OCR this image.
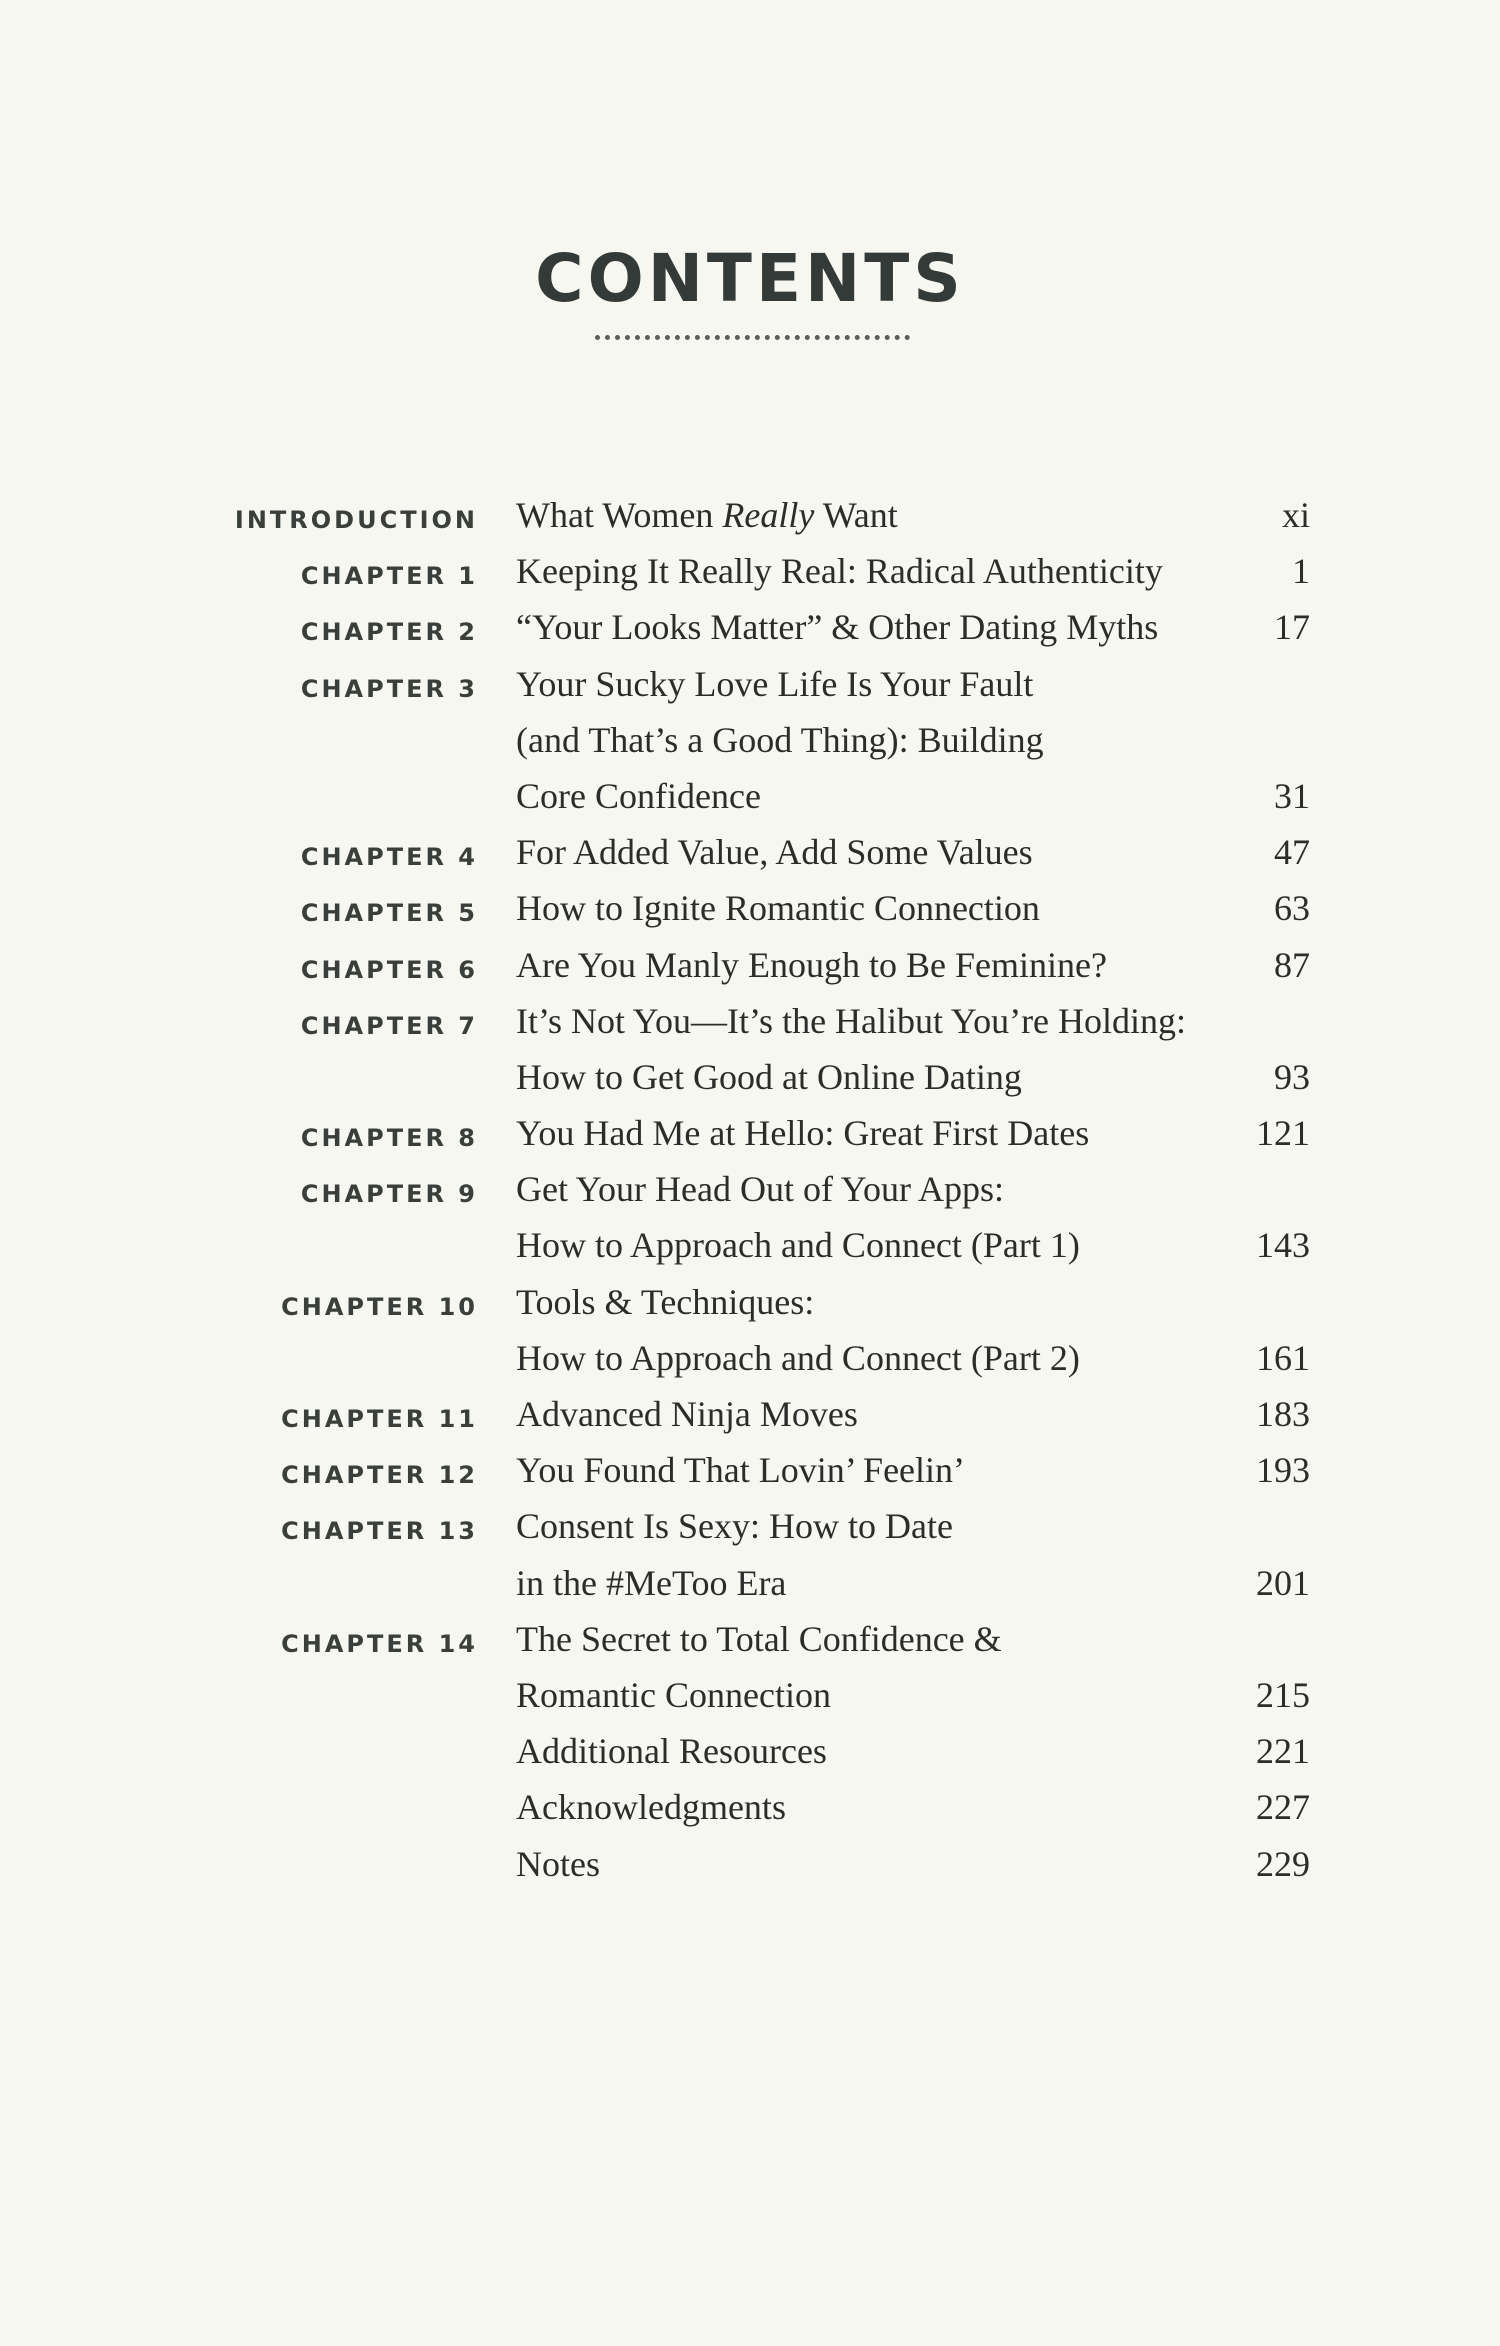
CONTENTS
INTRODUCTION What Women Really Want	xi
CHAPTER 1 Keeping It Really Real: Radical Authenticity	1
CHAPTER 2 “Your Looks Matter” & Other Dating Myths	17
CHAPTER 3 Your Sucky Love Life Is Your Fault
(and That’s a Good Thing): Building
Core Confidence	31
CHAPTER 4 For Added Value, Add Some Values	47
CHAPTER 5 How to Ignite Romantic Connection	63
CHAPTER 6 Are You Manly Enough to Be Feminine?	87
CHAPTER 7 It’s Not You—It’s the Halibut You’re Holding:
How to Get Good at Online Dating	93
CHAPTER 8 You Had Me at Hello: Great First Dates	121
CHAPTER 9 Get Your Head Out of Your Apps:
How to Approach and Connect (Part 1)	143
CHAPTER 10 Tools & Techniques:
How to Approach and Connect (Part 2)	161
CHAPTER 11 Advanced Ninja Moves	183
CHAPTER 12 You Found That Lovin’ Feelin’	193
CHAPTER 13 Consent Is Sexy: How to Date
in the #MeToo Era	201
CHAPTER 14 The Secret to Total Confidence &
Romantic Connection	215
Additional Resources	221
Acknowledgments	227
Notes	229
